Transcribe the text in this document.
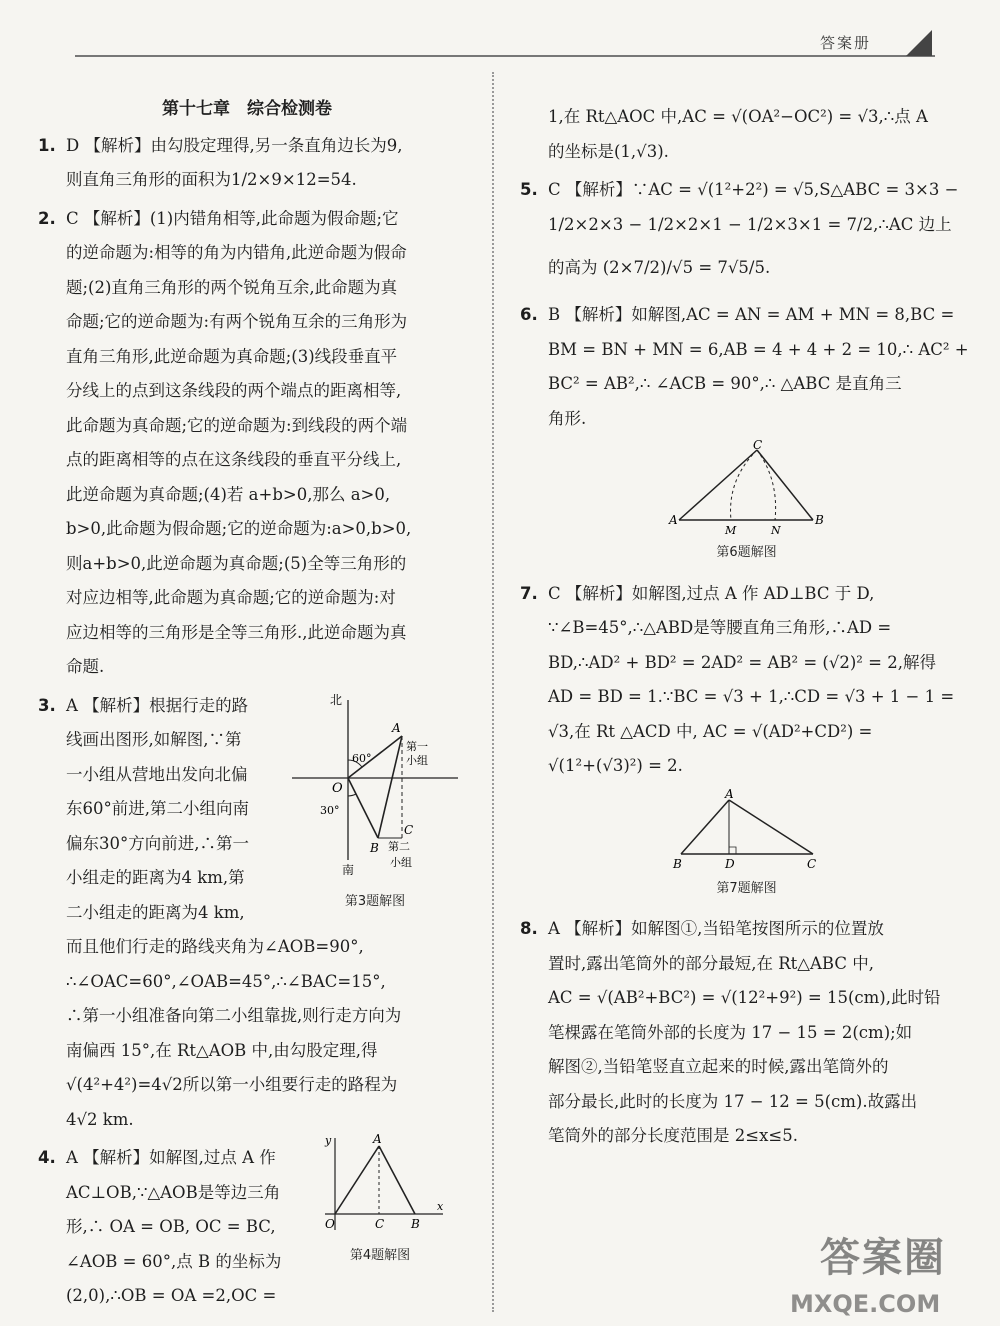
答案册
第十七章　综合检测卷
1. D 【解析】由勾股定理得,另一条直角边长为9,
则直角三角形的面积为1/2×9×12=54.
2. C 【解析】(1)内错角相等,此命题为假命题;它
的逆命题为:相等的角为内错角,此逆命题为假命
题;(2)直角三角形的两个锐角互余,此命题为真
命题;它的逆命题为:有两个锐角互余的三角形为
直角三角形,此逆命题为真命题;(3)线段垂直平
分线上的点到这条线段的两个端点的距离相等,
此命题为真命题;它的逆命题为:到线段的两个端
点的距离相等的点在这条线段的垂直平分线上,
此逆命题为真命题;(4)若 a+b>0,那么 a>0,
b>0,此命题为假命题;它的逆命题为:a>0,b>0,
则a+b>0,此逆命题为真命题;(5)全等三角形的
对应边相等,此命题为真命题;它的逆命题为:对
应边相等的三角形是全等三角形.,此逆命题为真
命题.
3. A 【解析】根据行走的路
线画出图形,如解图,∵第
一小组从营地出发向北偏
东60°前进,第二小组向南
偏东30°方向前进,∴第一
小组走的距离为4 km,第
二小组走的距离为4 km,
而且他们行走的路线夹角为∠AOB=90°,
∴∠OAC=60°,∠OAB=45°,∴∠BAC=15°,
∴第一小组准备向第二小组靠拢,则行走方向为
南偏西 15°,在 Rt△AOB 中,由勾股定理,得
√(4²+4²)=4√2所以第一小组要行走的路程为
4√2 km.
4. A 【解析】如解图,过点 A 作
AC⊥OB,∵△AOB是等边三角
形,∴ OA = OB, OC = BC,
∠AOB = 60°,点 B 的坐标为
(2,0),∴OB = OA =2,OC =
北
南
60°
30°
O
A
B
C
第一
小组
第二
小组
第3题解图
y
x
O
A
B
C
第4题解图
1,在 Rt△AOC 中,AC = √(OA²−OC²) = √3,∴点 A
的坐标是(1,√3).
5. C 【解析】∵AC = √(1²+2²) = √5,S△ABC = 3×3 −
1/2×2×3 − 1/2×2×1 − 1/2×3×1 = 7/2,∴AC 边上
的高为 (2×7/2)/√5 = 7√5/5.
6. B 【解析】如解图,AC = AN = AM + MN = 8,BC =
BM = BN + MN = 6,AB = 4 + 4 + 2 = 10,∴ AC² +
BC² = AB²,∴ ∠ACB = 90°,∴ △ABC 是直角三
角形.
A	B
C
M	N
第6题解图
7. C 【解析】如解图,过点 A 作 AD⊥BC 于 D,
∵∠B=45°,∴△ABD是等腰直角三角形,∴AD =
BD,∴AD² + BD² = 2AD² = AB² = (√2)² = 2,解得
AD = BD = 1.∵BC = √3 + 1,∴CD = √3 + 1 − 1 =
√3,在 Rt △ACD 中, AC = √(AD²+CD²) =
√(1²+(√3)²) = 2.
A
B	D	C
第7题解图
8. A 【解析】如解图①,当铅笔按图所示的位置放
置时,露出笔筒外的部分最短,在 Rt△ABC 中,
AC = √(AB²+BC²) = √(12²+9²) = 15(cm),此时铅
笔棵露在笔筒外部的长度为 17 − 15 = 2(cm);如
解图②,当铅笔竖直立起来的时候,露出笔筒外的
部分最长,此时的长度为 17 − 12 = 5(cm).故露出
笔筒外的部分长度范围是 2≤x≤5.
答案圈
MXQE.COM
